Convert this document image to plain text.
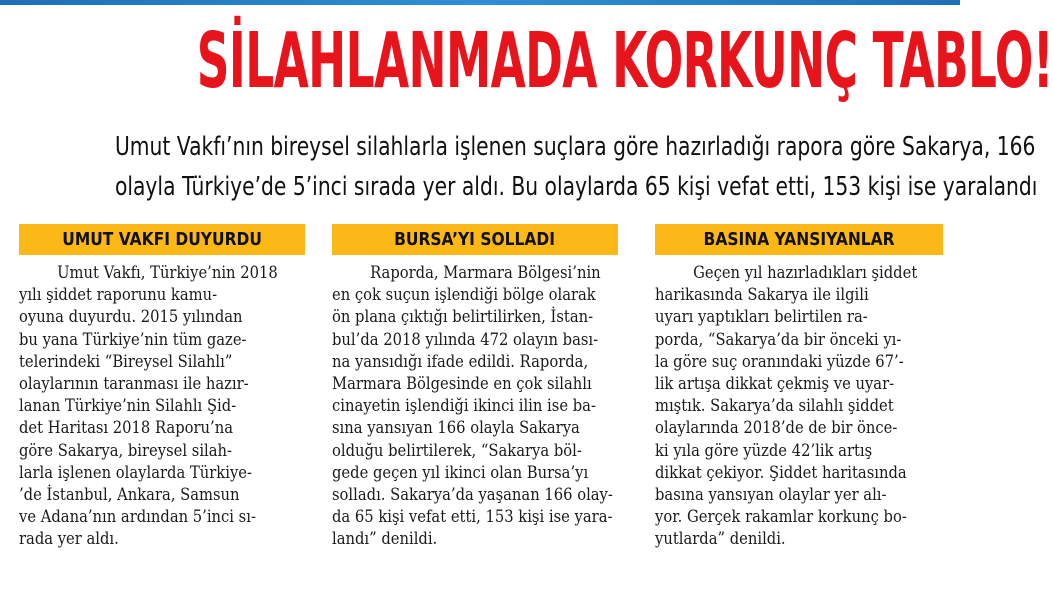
SİLAHLANMADA KORKUNÇ TABLO!
Umut Vakfı’nın bireysel silahlarla işlenen suçlara göre hazırladığı rapora göre Sakarya, 166
olayla Türkiye’de 5’inci sırada yer aldı. Bu olaylarda 65 kişi vefat etti, 153 kişi ise yaralandı
UMUT VAKFI DUYURDU
Umut Vakfı, Türkiye’nin 2018
yılı şiddet raporunu kamu-
oyuna duyurdu. 2015 yılından
bu yana Türkiye’nin tüm gaze-
telerindeki “Bireysel Silahlı”
olaylarının taranması ile hazır-
lanan Türkiye’nin Silahlı Şid-
det Haritası 2018 Raporu’na
göre Sakarya, bireysel silah-
larla işlenen olaylarda Türkiye-
’de İstanbul, Ankara, Samsun
ve Adana’nın ardından 5’inci sı-
rada yer aldı.
BURSA’YI SOLLADI
Raporda, Marmara Bölgesi’nin
en çok suçun işlendiği bölge olarak
ön plana çıktığı belirtilirken, İstan-
bul’da 2018 yılında 472 olayın bası-
na yansıdığı ifade edildi. Raporda,
Marmara Bölgesinde en çok silahlı
cinayetin işlendiği ikinci ilin ise ba-
sına yansıyan 166 olayla Sakarya
olduğu belirtilerek, “Sakarya böl-
gede geçen yıl ikinci olan Bursa’yı
solladı. Sakarya’da yaşanan 166 olay-
da 65 kişi vefat etti, 153 kişi ise yara-
landı” denildi.
BASINA YANSIYANLAR
Geçen yıl hazırladıkları şiddet
harikasında Sakarya ile ilgili
uyarı yaptıkları belirtilen ra-
porda, “Sakarya’da bir önceki yı-
la göre suç oranındaki yüzde 67’-
lik artışa dikkat çekmiş ve uyar-
mıştık. Sakarya’da silahlı şiddet
olaylarında 2018’de de bir önce-
ki yıla göre yüzde 42’lik artış
dikkat çekiyor. Şiddet haritasında
basına yansıyan olaylar yer alı-
yor. Gerçek rakamlar korkunç bo-
yutlarda” denildi.
